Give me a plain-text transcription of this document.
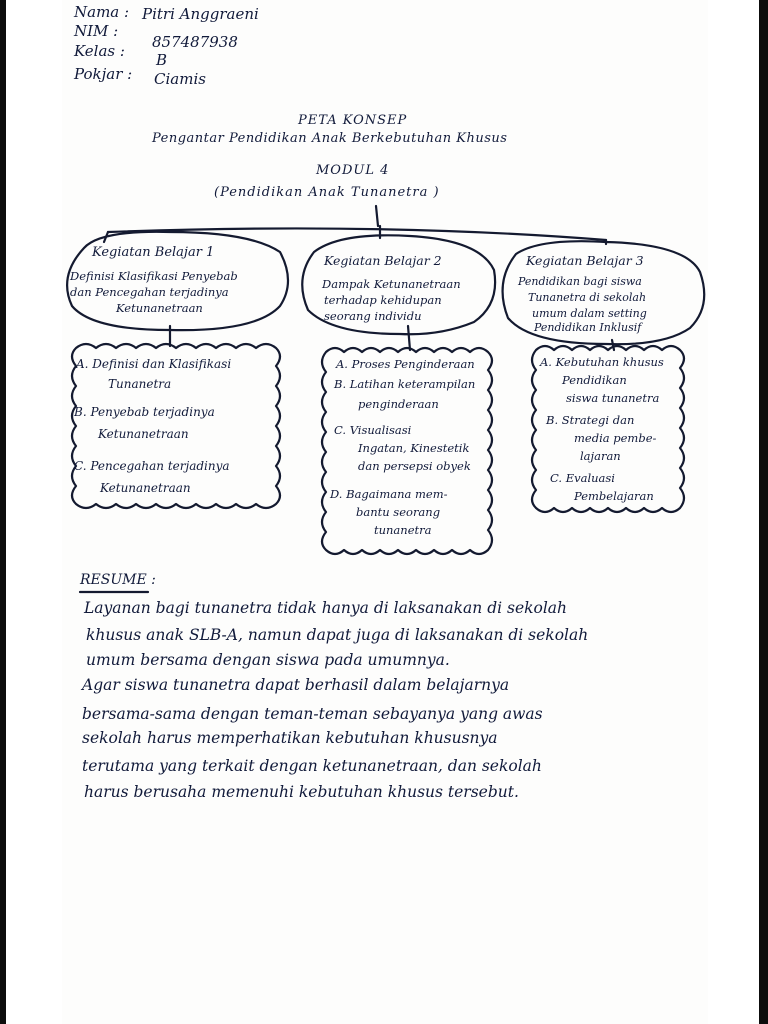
Nama : Pitri Anggraeni

NIM :

857487938

Kelas : B

Pokjar : Ciamis

PETA KONSEP

Pengantar Pendidikan Anak Berkebutuhan Khusus

MODUL 4

(Pendidikan Anak Tunanetra )

Kegiatan Belajar 1

Definisi Klasifikasi Penyebab

dan Pencegahan terjadinya

Ketunanetraan

A. Definisi dan Klasifikasi

Tunanetra

B. Penyebab terjadinya

Ketunanetraan

C. Pencegahan terjadinya

Ketunanetraan

Kegiatan Belajar 2

Dampak Ketunanetraan

terhadap kehidupan

seorang individu

A. Proses Penginderaan

B. Latihan keterampilan

penginderaan

C. Visualisasi

Ingatan, Kinestetik

dan persepsi obyek

D. Bagaimana mem-

bantu seorang

tunanetra

Kegiatan Belajar 3

Pendidikan bagi siswa

Tunanetra di sekolah

umum dalam setting

Pendidikan Inklusif

A. Kebutuhan khusus

Pendidikan

siswa tunanetra

B. Strategi dan

media pembe-

lajaran

C. Evaluasi

Pembelajaran

RESUME :

Layanan bagi tunanetra tidak hanya di laksanakan di sekolah

khusus anak SLB-A, namun dapat juga di laksanakan di sekolah

umum bersama dengan siswa pada umumnya.

Agar siswa tunanetra dapat berhasil dalam belajarnya

bersama-sama dengan teman-teman sebayanya yang awas

sekolah harus memperhatikan kebutuhan khususnya

terutama yang terkait dengan ketunanetraan, dan sekolah

harus berusaha memenuhi kebutuhan khusus tersebut.
